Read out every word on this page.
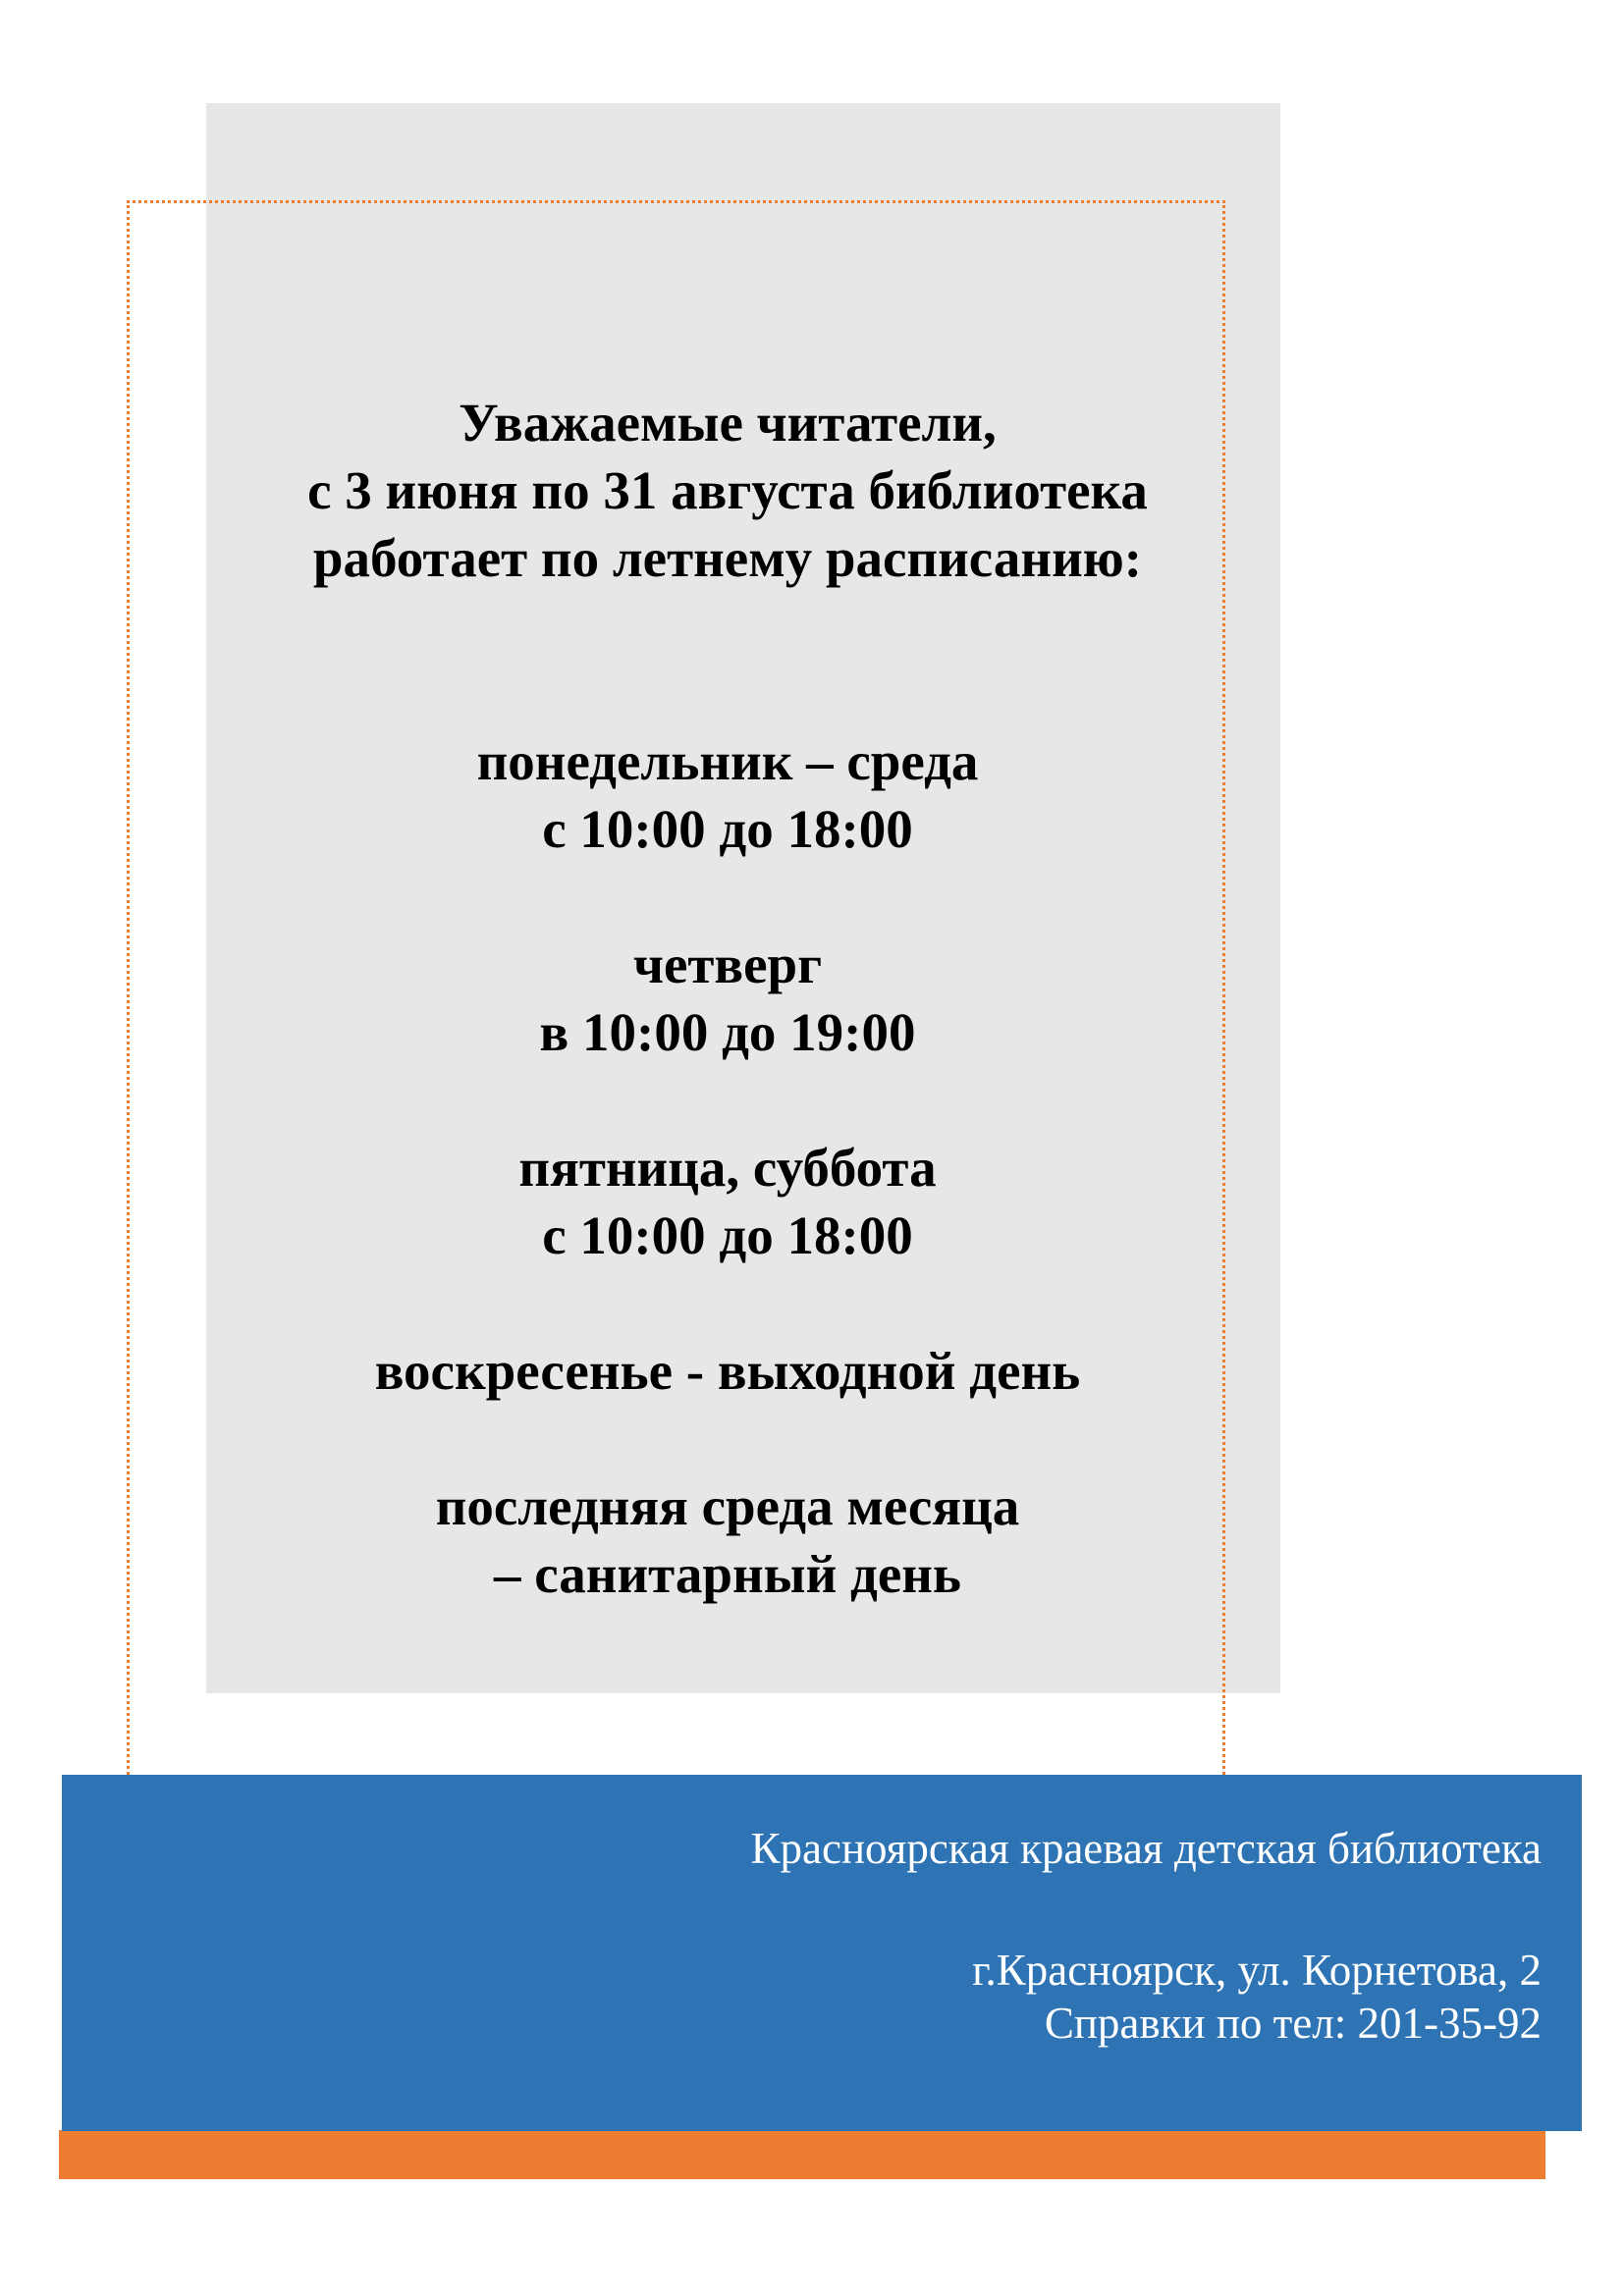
Уважаемые читатели,
с 3 июня по 31 августа библиотека
работает по летнему расписанию:
понедельник – среда
с 10:00 до 18:00
четверг
в 10:00 до 19:00
пятница, суббота
с 10:00 до 18:00
воскресенье - выходной день
последняя среда месяца
– санитарный день
Красноярская краевая детская библиотека
г.Красноярск, ул. Корнетова, 2
Справки по тел: 201-35-92
